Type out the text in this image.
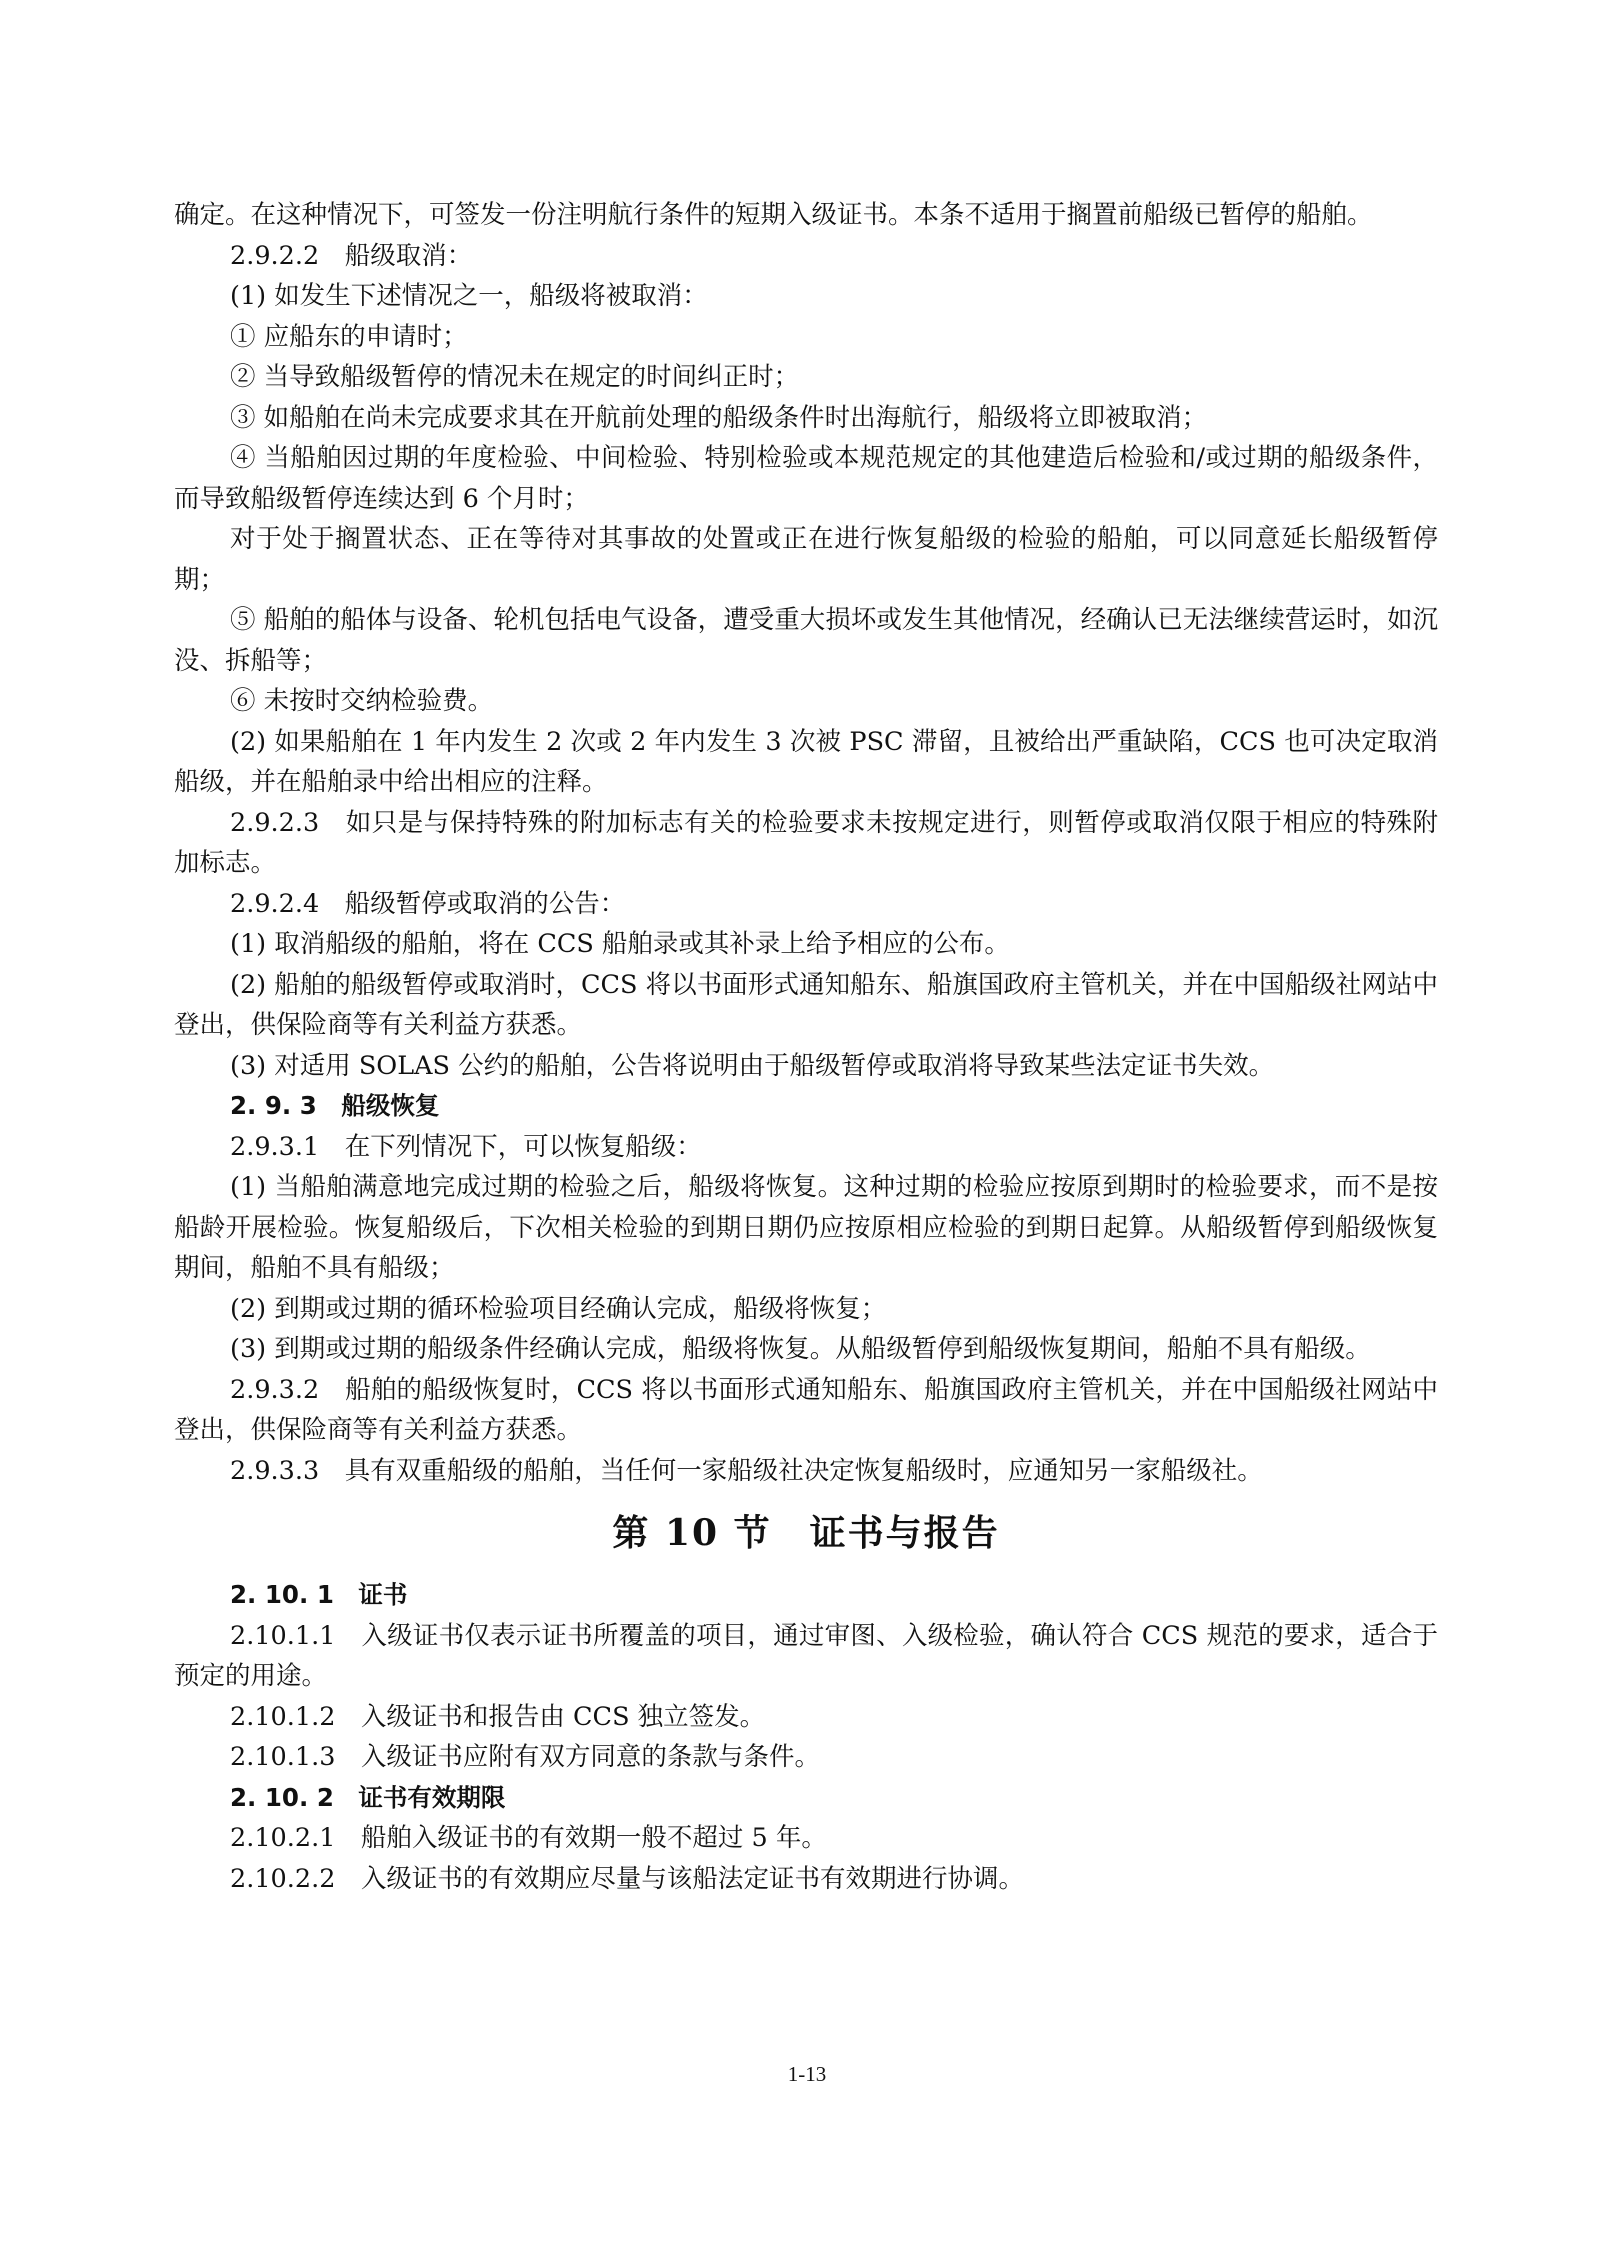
确定。在这种情况下，可签发一份注明航行条件的短期入级证书。本条不适用于搁置前船级已暂停的船舶。

2.9.2.2　船级取消：

(1) 如发生下述情况之一，船级将被取消：

① 应船东的申请时；

② 当导致船级暂停的情况未在规定的时间纠正时；

③ 如船舶在尚未完成要求其在开航前处理的船级条件时出海航行，船级将立即被取消；

④ 当船舶因过期的年度检验、中间检验、特别检验或本规范规定的其他建造后检验和/或过期的船级条件，而导致船级暂停连续达到 6 个月时；

对于处于搁置状态、正在等待对其事故的处置或正在进行恢复船级的检验的船舶，可以同意延长船级暂停期；

⑤ 船舶的船体与设备、轮机包括电气设备，遭受重大损坏或发生其他情况，经确认已无法继续营运时，如沉没、拆船等；

⑥ 未按时交纳检验费。

(2) 如果船舶在 1 年内发生 2 次或 2 年内发生 3 次被 PSC 滞留，且被给出严重缺陷，CCS 也可决定取消船级，并在船舶录中给出相应的注释。

2.9.2.3　如只是与保持特殊的附加标志有关的检验要求未按规定进行，则暂停或取消仅限于相应的特殊附加标志。

2.9.2.4　船级暂停或取消的公告：

(1) 取消船级的船舶，将在 CCS 船舶录或其补录上给予相应的公布。

(2) 船舶的船级暂停或取消时，CCS 将以书面形式通知船东、船旗国政府主管机关，并在中国船级社网站中登出，供保险商等有关利益方获悉。

(3) 对适用 SOLAS 公约的船舶，公告将说明由于船级暂停或取消将导致某些法定证书失效。

2. 9. 3　船级恢复

2.9.3.1　在下列情况下，可以恢复船级：

(1) 当船舶满意地完成过期的检验之后，船级将恢复。这种过期的检验应按原到期时的检验要求，而不是按船龄开展检验。恢复船级后，下次相关检验的到期日期仍应按原相应检验的到期日起算。从船级暂停到船级恢复期间，船舶不具有船级；

(2) 到期或过期的循环检验项目经确认完成，船级将恢复；

(3) 到期或过期的船级条件经确认完成，船级将恢复。从船级暂停到船级恢复期间，船舶不具有船级。

2.9.3.2　船舶的船级恢复时，CCS 将以书面形式通知船东、船旗国政府主管机关，并在中国船级社网站中登出，供保险商等有关利益方获悉。

2.9.3.3　具有双重船级的船舶，当任何一家船级社决定恢复船级时，应通知另一家船级社。

第 10 节　证书与报告
2. 10. 1　证书

2.10.1.1　入级证书仅表示证书所覆盖的项目，通过审图、入级检验，确认符合 CCS 规范的要求，适合于预定的用途。

2.10.1.2　入级证书和报告由 CCS 独立签发。

2.10.1.3　入级证书应附有双方同意的条款与条件。

2. 10. 2　证书有效期限

2.10.2.1　船舶入级证书的有效期一般不超过 5 年。

2.10.2.2　入级证书的有效期应尽量与该船法定证书有效期进行协调。

1-13
